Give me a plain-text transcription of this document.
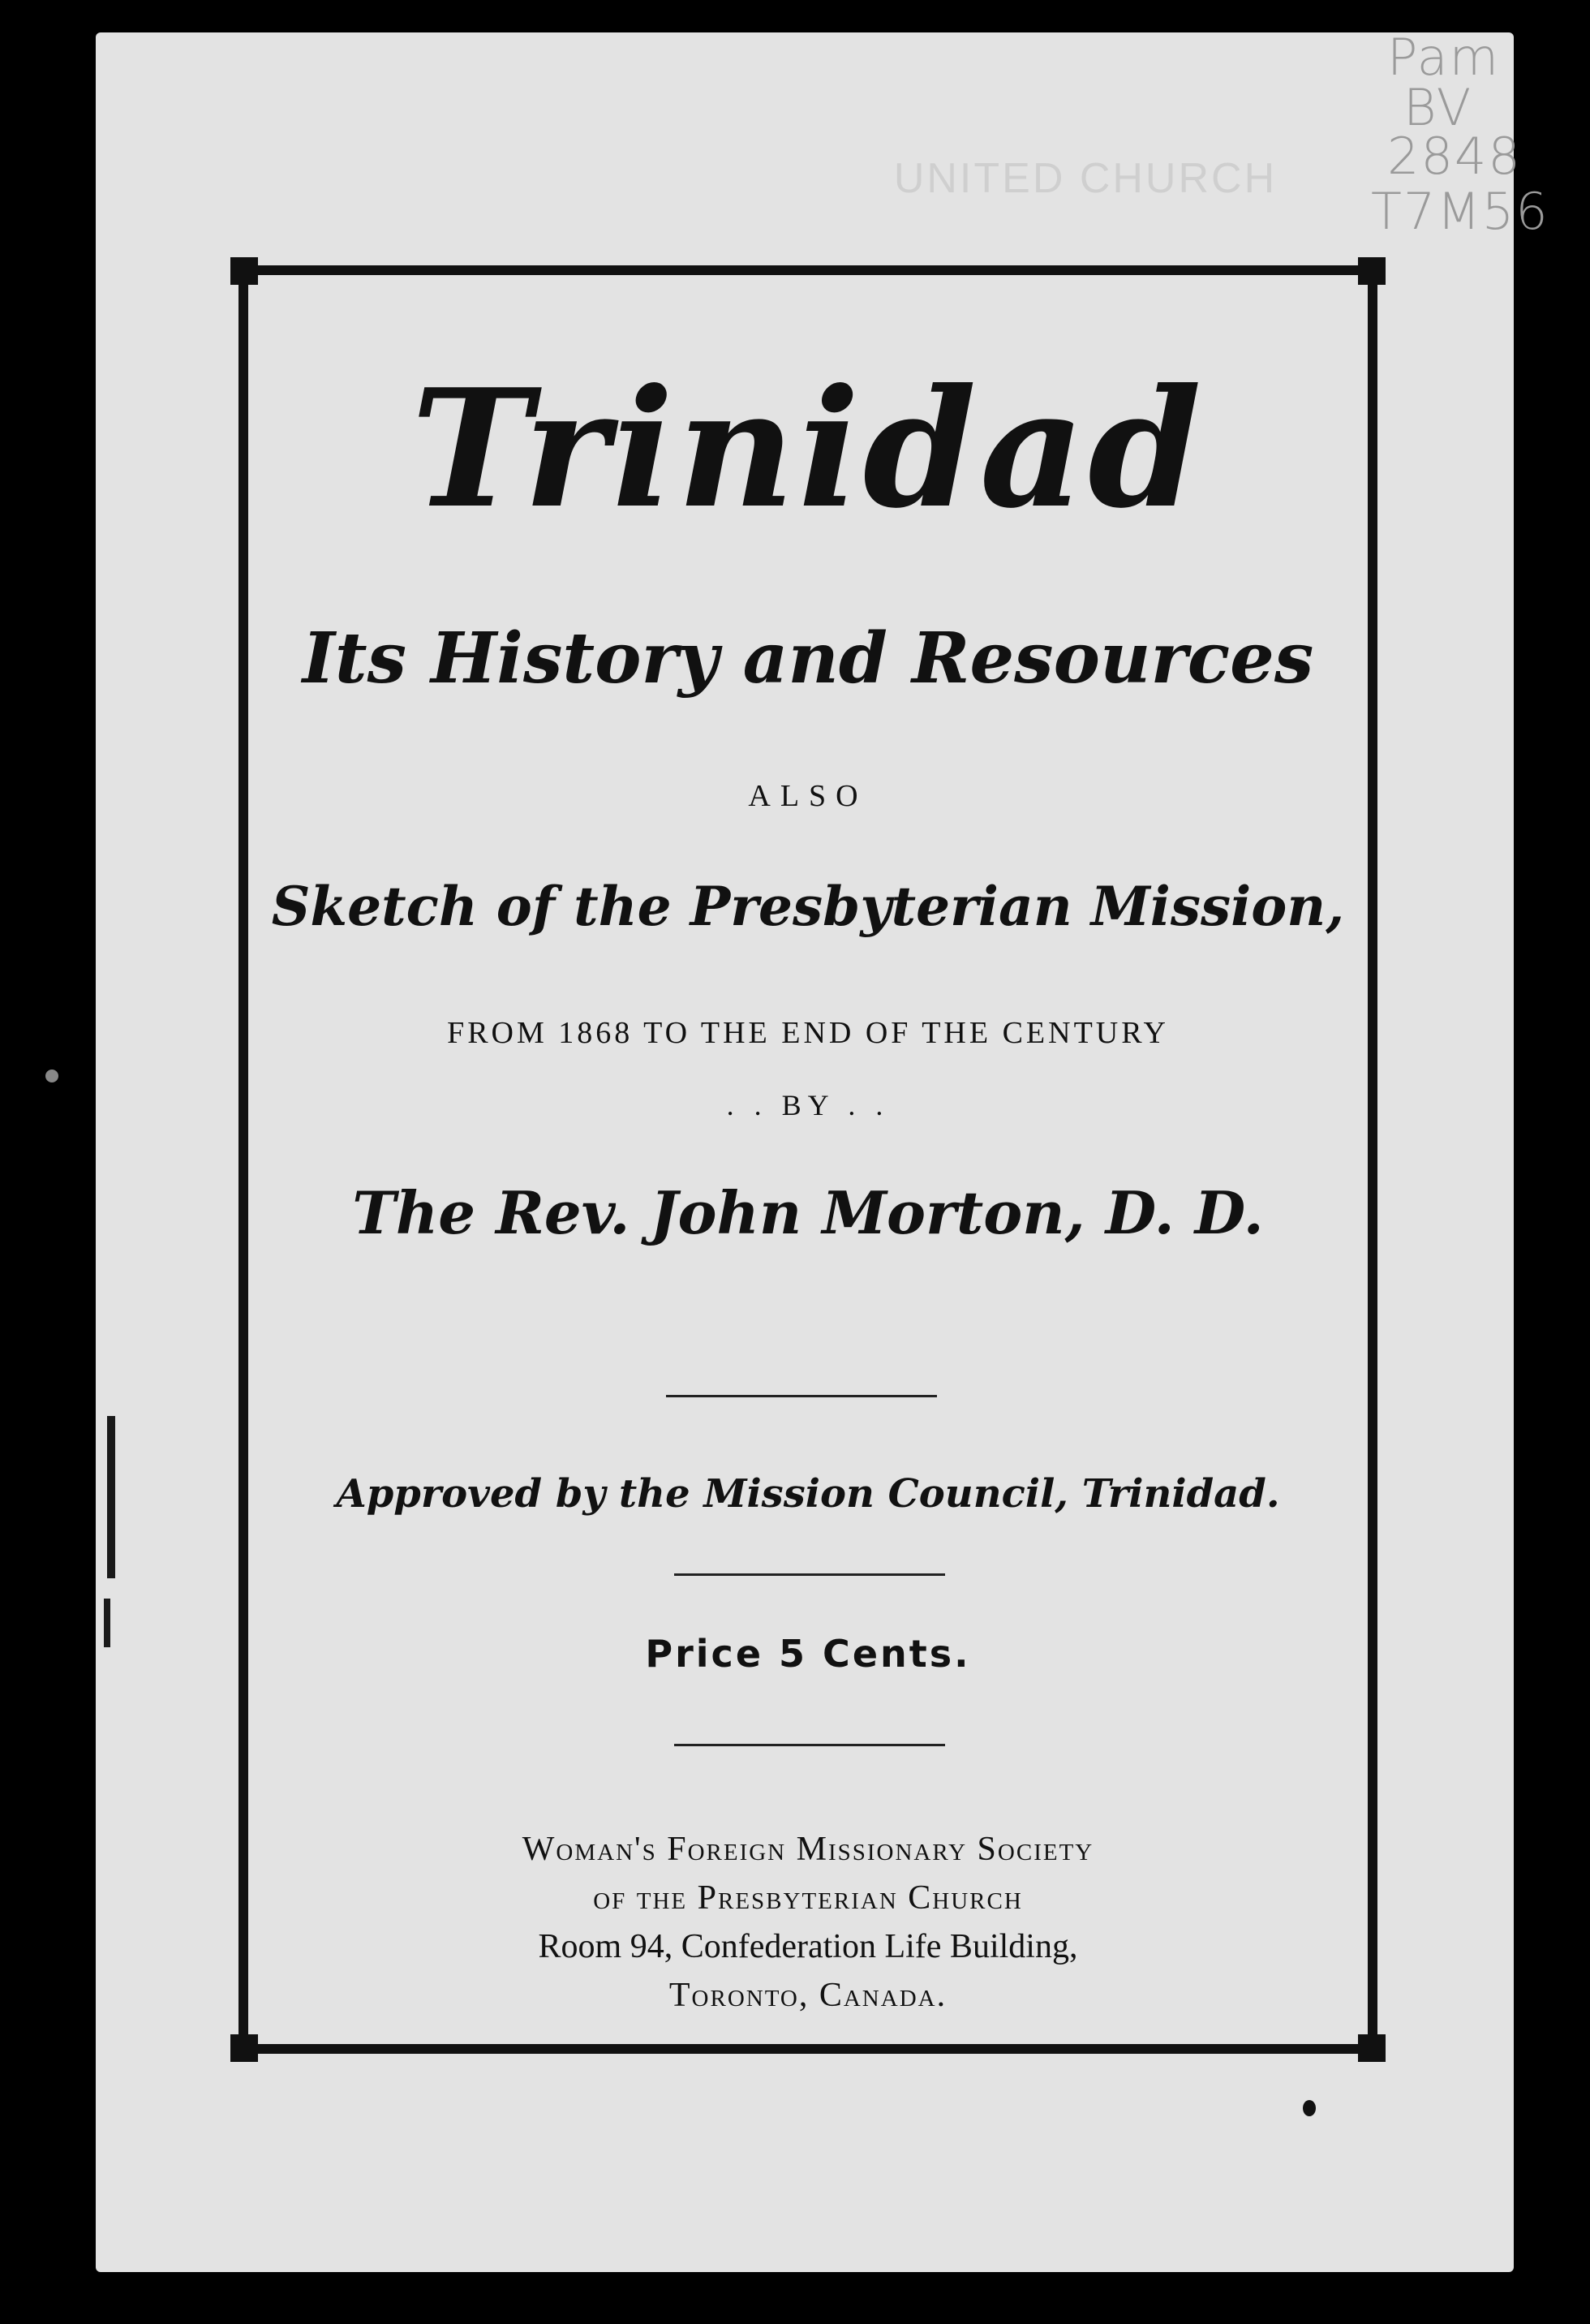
UNITED CHURCH
Pam
BV
2848
T7M56
Trinidad
Its History and Resources
ALSO
Sketch of the Presbyterian Mission,
FROM 1868 TO THE END OF THE CENTURY
. . BY . .
The Rev. John Morton, D. D.
Approved by the Mission Council, Trinidad.
Price 5 Cents.
Woman's Foreign Missionary Society
of the Presbyterian Church
Room 94, Confederation Life Building,
Toronto, Canada.
